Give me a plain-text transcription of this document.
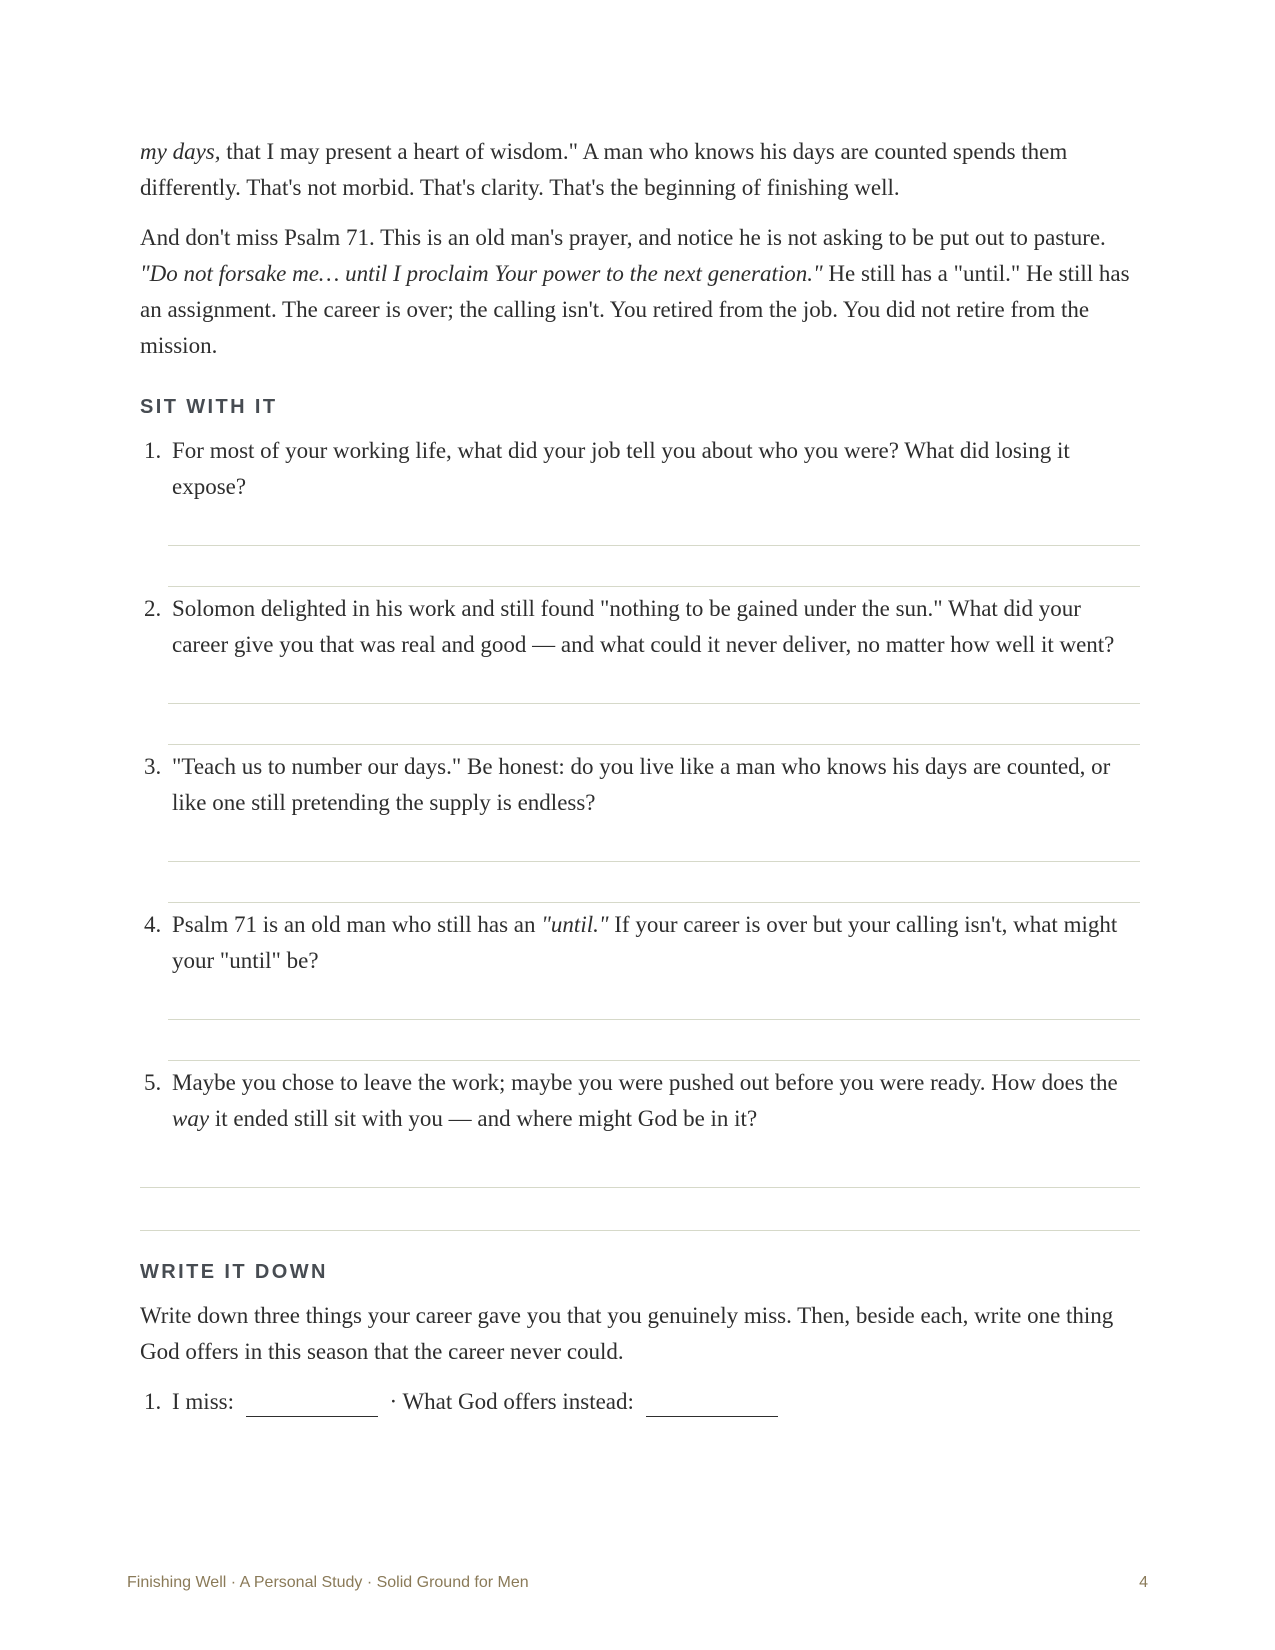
my days, that I may present a heart of wisdom." A man who knows his days are counted spends them differently. That's not morbid. That's clarity. That's the beginning of finishing well.

And don't miss Psalm 71. This is an old man's prayer, and notice he is not asking to be put out to pasture. "Do not forsake me… until I proclaim Your power to the next generation." He still has a "until." He still has an assignment. The career is over; the calling isn't. You retired from the job. You did not retire from the mission.

SIT WITH IT
1. For most of your working life, what did your job tell you about who you were? What did losing it expose?

2. Solomon delighted in his work and still found "nothing to be gained under the sun." What did your career give you that was real and good — and what could it never deliver, no matter how well it went?

3. "Teach us to number our days." Be honest: do you live like a man who knows his days are counted, or like one still pretending the supply is endless?

4. Psalm 71 is an old man who still has an "until." If your career is over but your calling isn't, what might your "until" be?

5. Maybe you chose to leave the work; maybe you were pushed out before you were ready. How does the way it ended still sit with you — and where might God be in it?

WRITE IT DOWN

Write down three things your career gave you that you genuinely miss. Then, beside each, write one thing God offers in this season that the career never could.

1. I miss:	· What God offers instead:
Finishing Well · A Personal Study · Solid Ground for Men	4
